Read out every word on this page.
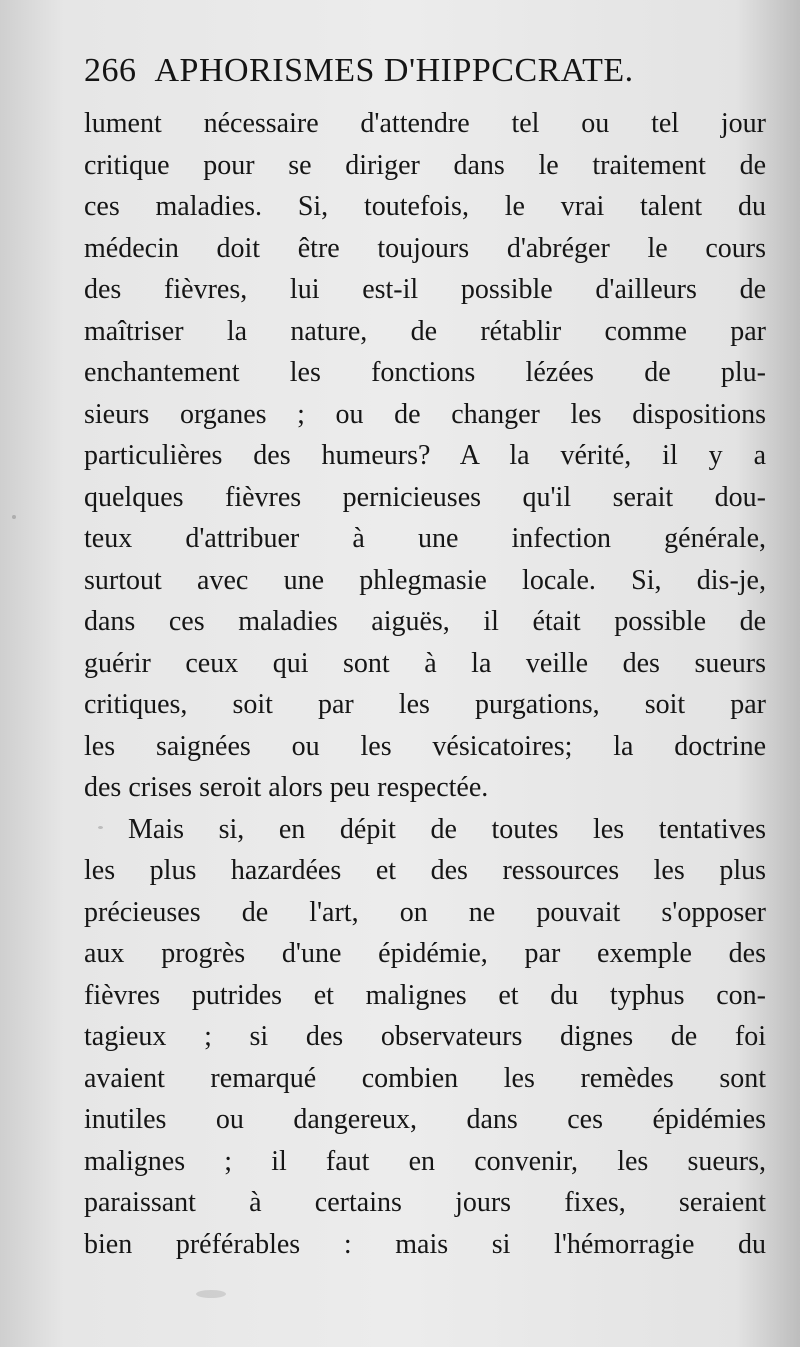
266 APHORISMES D'HIPPCCRATE.
lument nécessaire d'attendre tel ou tel jour
critique pour se diriger dans le traitement de
ces maladies. Si, toutefois, le vrai talent du
médecin doit être toujours d'abréger le cours
des fièvres, lui est-il possible d'ailleurs de
maîtriser la nature, de rétablir comme par
enchantement les fonctions lézées de plu-
sieurs organes ; ou de changer les dispositions
particulières des humeurs? A la vérité, il y a
quelques fièvres pernicieuses qu'il serait dou-
teux d'attribuer à une infection générale,
surtout avec une phlegmasie locale. Si, dis-je,
dans ces maladies aiguës, il était possible de
guérir ceux qui sont à la veille des sueurs
critiques, soit par les purgations, soit par
les saignées ou les vésicatoires; la doctrine
des crises seroit alors peu respectée.
Mais si, en dépit de toutes les tentatives
les plus hazardées et des ressources les plus
précieuses de l'art, on ne pouvait s'opposer
aux progrès d'une épidémie, par exemple des
fièvres putrides et malignes et du typhus con-
tagieux ; si des observateurs dignes de foi
avaient remarqué combien les remèdes sont
inutiles ou dangereux, dans ces épidémies
malignes ; il faut en convenir, les sueurs,
paraissant à certains jours fixes, seraient
bien préférables : mais si l'hémorragie du
